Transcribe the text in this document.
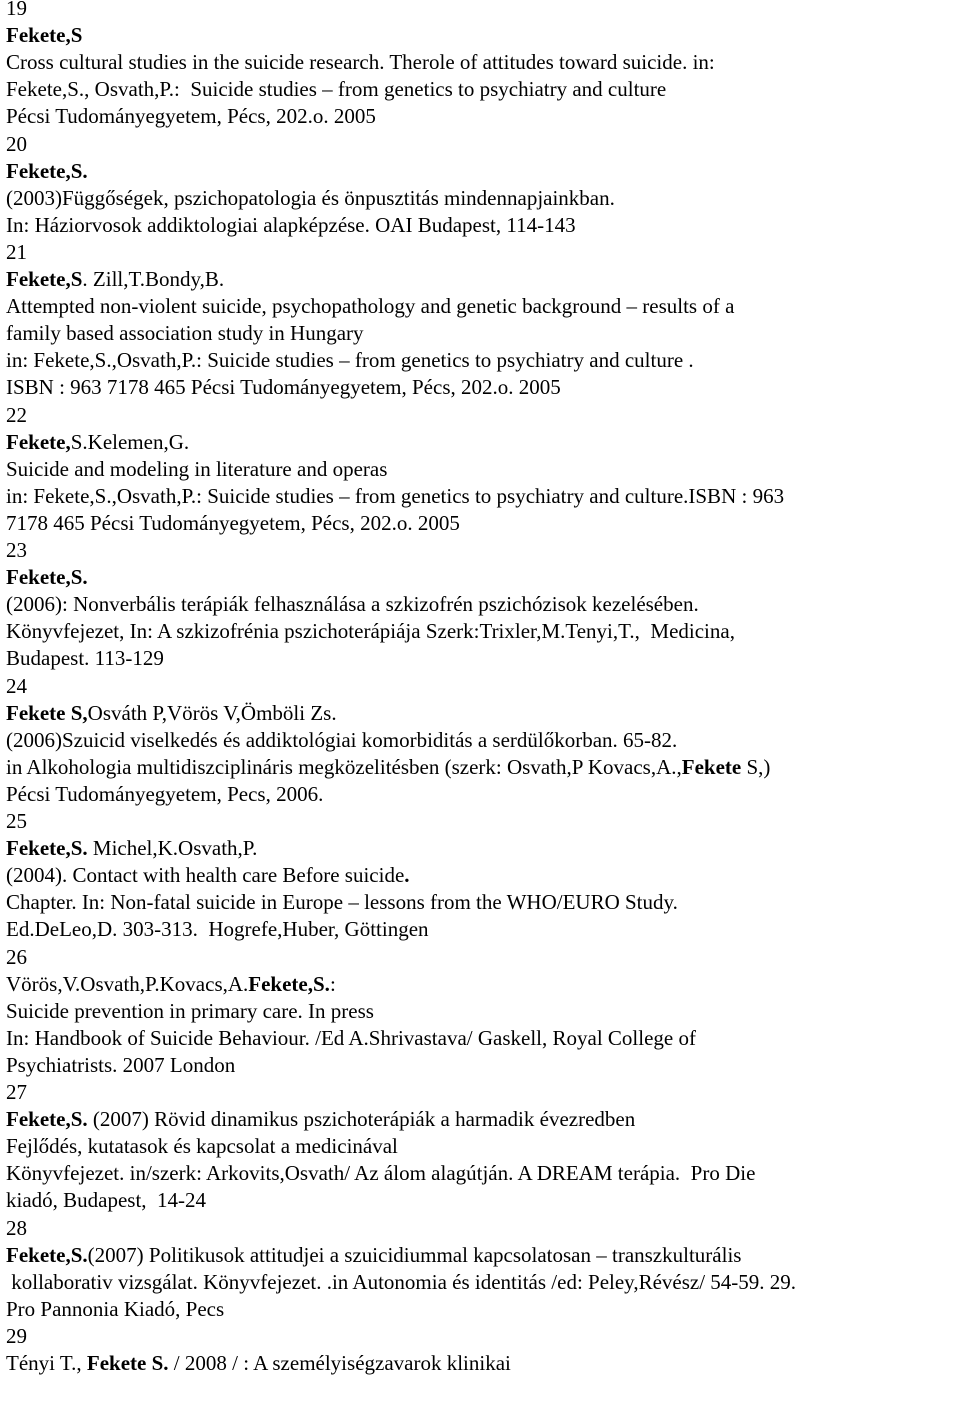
19
Fekete,S
Cross cultural studies in the suicide research. Therole of attitudes toward suicide. in:
Fekete,S., Osvath,P.:  Suicide studies – from genetics to psychiatry and culture
Pécsi Tudományegyetem, Pécs, 202.o. 2005
20
Fekete,S.
(2003)Függőségek, pszichopatologia és önpusztitás mindennapjainkban.
In: Háziorvosok addiktologiai alapképzése. OAI Budapest, 114-143
21
Fekete,S. Zill,T.Bondy,B.
Attempted non-violent suicide, psychopathology and genetic background – results of a
family based association study in Hungary
in: Fekete,S.,Osvath,P.: Suicide studies – from genetics to psychiatry and culture .
ISBN : 963 7178 465 Pécsi Tudományegyetem, Pécs, 202.o. 2005
22
Fekete,S.Kelemen,G.
Suicide and modeling in literature and operas
in: Fekete,S.,Osvath,P.: Suicide studies – from genetics to psychiatry and culture.ISBN : 963
7178 465 Pécsi Tudományegyetem, Pécs, 202.o. 2005
23
Fekete,S.
(2006): Nonverbális terápiák felhasználása a szkizofrén pszichózisok kezelésében.
Könyvfejezet, In: A szkizofrénia pszichoterápiája Szerk:Trixler,M.Tenyi,T.,  Medicina,
Budapest. 113-129
24
Fekete S,Osváth P,Vörös V,Ömböli Zs.
(2006)Szuicid viselkedés és addiktológiai komorbiditás a serdülőkorban. 65-82.
in Alkohologia multidiszciplináris megközelitésben (szerk: Osvath,P Kovacs,A.,Fekete S,)
Pécsi Tudományegyetem, Pecs, 2006.
25
Fekete,S. Michel,K.Osvath,P.
(2004). Contact with health care Before suicide.
Chapter. In: Non-fatal suicide in Europe – lessons from the WHO/EURO Study.
Ed.DeLeo,D. 303-313.  Hogrefe,Huber, Göttingen
26
Vörös,V.Osvath,P.Kovacs,A.Fekete,S.:
Suicide prevention in primary care. In press
In: Handbook of Suicide Behaviour. /Ed A.Shrivastava/ Gaskell, Royal College of
Psychiatrists. 2007 London
27
Fekete,S. (2007) Rövid dinamikus pszichoterápiák a harmadik évezredben
Fejlődés, kutatasok és kapcsolat a medicinával
Könyvfejezet. in/szerk: Arkovits,Osvath/ Az álom alagútján. A DREAM terápia.  Pro Die
kiadó, Budapest,  14-24
28
Fekete,S.(2007) Politikusok attitudjei a szuicidiummal kapcsolatosan – transzkulturális
kollaborativ vizsgálat. Könyvfejezet. .in Autonomia és identitás /ed: Peley,Révész/ 54-59. 29.
Pro Pannonia Kiadó, Pecs
29
Tényi T., Fekete S. / 2008 / : A személyiségzavarok klinikai
